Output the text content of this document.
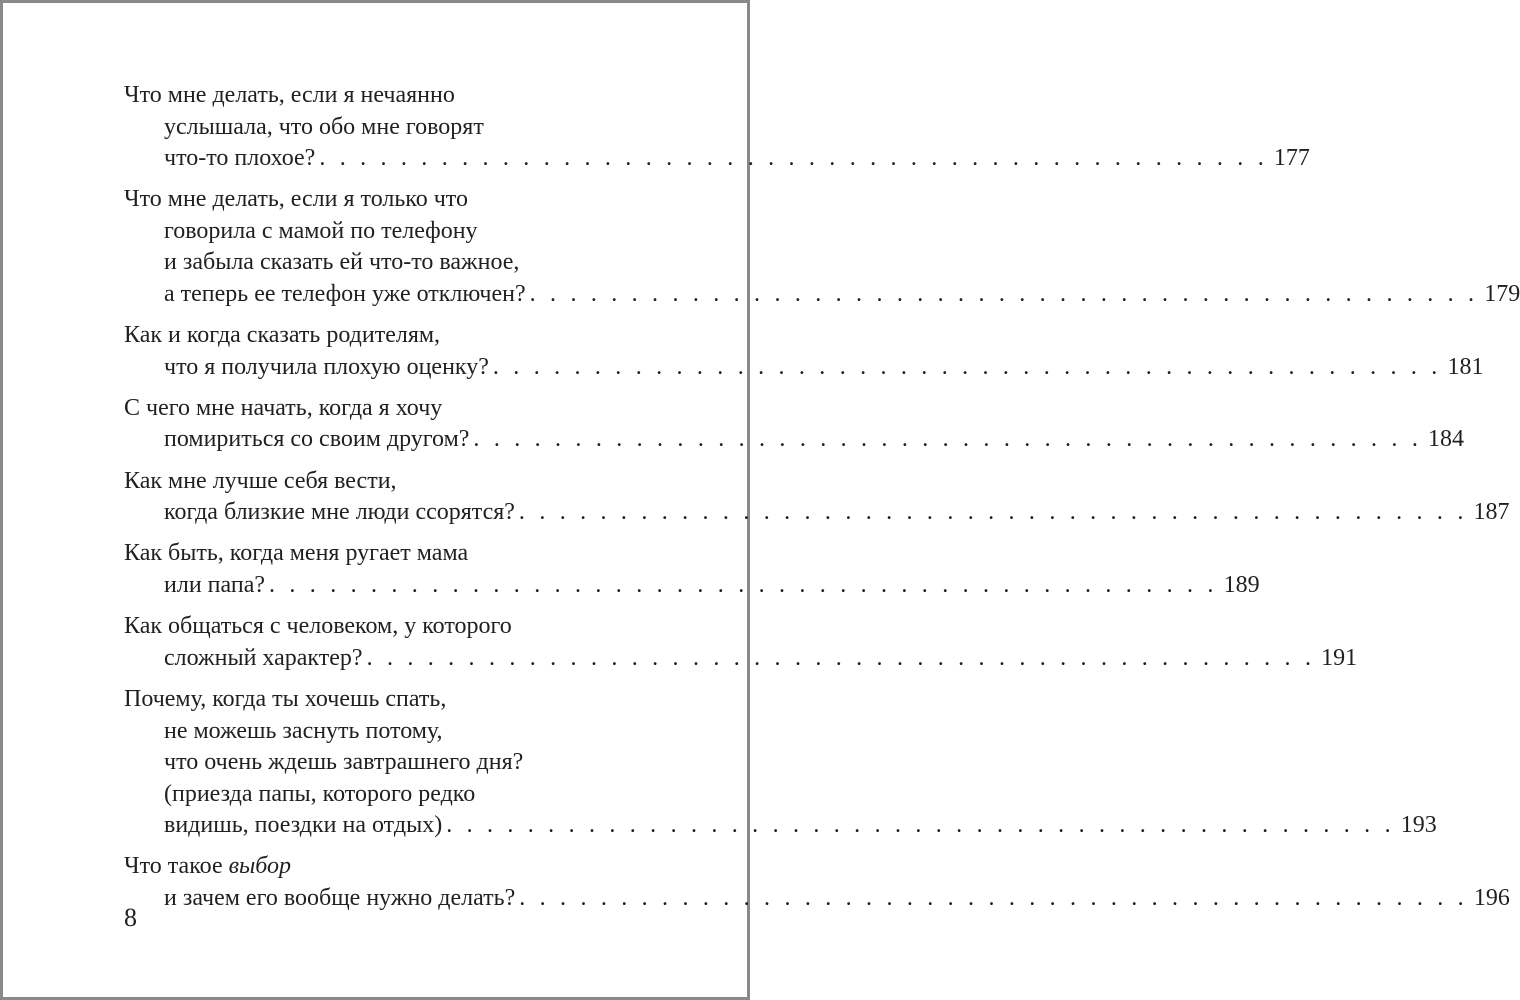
Что мне делать, если я нечаянно
услышала, что обо мне говорят
что-то плохое? . . . . . . . . . . . . . . . . . . . . . . . . . . . . . . . . . . . . . . . . . . . . . . . 177
Что мне делать, если я только что
говорила с мамой по телефону
и забыла сказать ей что-то важное,
а теперь ее телефон уже отключен? . . . . . . . . . . . . . . . . . . . . . . . . . . . . . . . . . . . . . . . . . . . . . . . 179
Как и когда сказать родителям,
что я получила плохую оценку? . . . . . . . . . . . . . . . . . . . . . . . . . . . . . . . . . . . . . . . . . . . . . . . 181
С чего мне начать, когда я хочу
помириться со своим другом? . . . . . . . . . . . . . . . . . . . . . . . . . . . . . . . . . . . . . . . . . . . . . . . 184
Как мне лучше себя вести,
когда близкие мне люди ссорятся? . . . . . . . . . . . . . . . . . . . . . . . . . . . . . . . . . . . . . . . . . . . . . . . 187
Как быть, когда меня ругает мама
или папа? . . . . . . . . . . . . . . . . . . . . . . . . . . . . . . . . . . . . . . . . . . . . . . . 189
Как общаться с человеком, у которого
сложный характер? . . . . . . . . . . . . . . . . . . . . . . . . . . . . . . . . . . . . . . . . . . . . . . . 191
Почему, когда ты хочешь спать,
не можешь заснуть потому,
что очень ждешь завтрашнего дня?
(приезда папы, которого редко
видишь, поездки на отдых) . . . . . . . . . . . . . . . . . . . . . . . . . . . . . . . . . . . . . . . . . . . . . . . 193
Что такое выбор
и зачем его вообще нужно делать? . . . . . . . . . . . . . . . . . . . . . . . . . . . . . . . . . . . . . . . . . . . . . . . 196
8
